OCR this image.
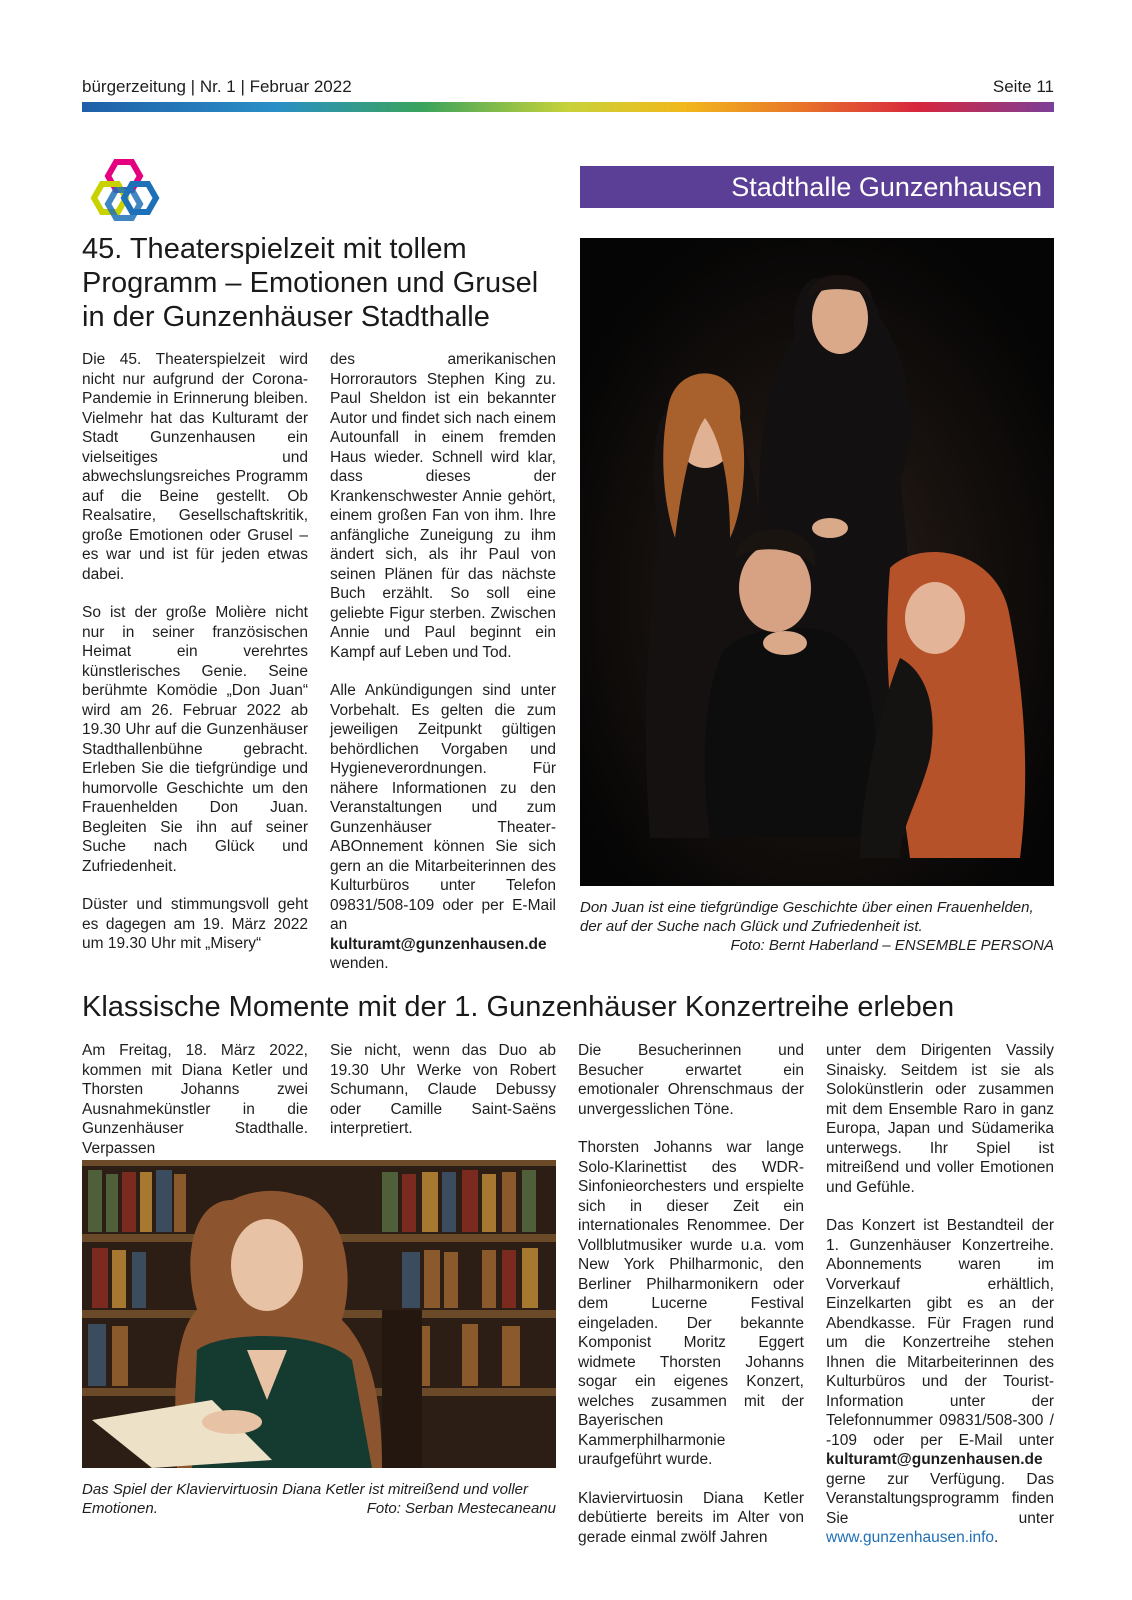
bürgerzeitung | Nr. 1 | Februar 2022	Seite 11
Stadthalle Gunzenhausen
45. Theaterspielzeit mit tollem Programm – Emotionen und Grusel in der Gunzenhäuser Stadthalle

Die 45. Theaterspielzeit wird nicht nur aufgrund der Corona-Pandemie in Erinnerung bleiben. Vielmehr hat das Kulturamt der Stadt Gunzenhausen ein vielseitiges und abwechslungsreiches Programm auf die Beine gestellt. Ob Realsatire, Gesellschaftskritik, große Emotionen oder Grusel – es war und ist für jeden etwas dabei.

So ist der große Molière nicht nur in seiner französischen Heimat ein verehrtes künstlerisches Genie. Seine berühmte Komödie „Don Juan“ wird am 26. Februar 2022 ab 19.30 Uhr auf die Gunzenhäuser Stadthallenbühne gebracht. Erleben Sie die tiefgründige und humorvolle Geschichte um den Frauenhelden Don Juan. Begleiten Sie ihn auf seiner Suche nach Glück und Zufriedenheit.

Düster und stimmungsvoll geht es dagegen am 19. März 2022 um 19.30 Uhr mit „Misery“

des amerikanischen Horrorautors Stephen King zu. Paul Sheldon ist ein bekannter Autor und findet sich nach einem Autounfall in einem fremden Haus wieder. Schnell wird klar, dass dieses der Krankenschwester Annie gehört, einem großen Fan von ihm. Ihre anfängliche Zuneigung zu ihm ändert sich, als ihr Paul von seinen Plänen für das nächste Buch erzählt. So soll eine geliebte Figur sterben. Zwischen Annie und Paul beginnt ein Kampf auf Leben und Tod.

Alle Ankündigungen sind unter Vorbehalt. Es gelten die zum jeweiligen Zeitpunkt gültigen behördlichen Vorgaben und Hygieneverordnungen. Für nähere Informationen zu den Veranstaltungen und zum Gunzenhäuser Theater-ABOnnement können Sie sich gern an die Mitarbeiterinnen des Kulturbüros unter Telefon 09831/508-109 oder per E-Mail an kulturamt@gunzenhausen.de wenden.

Don Juan ist eine tiefgründige Geschichte über einen Frauenhelden, der auf der Suche nach Glück und Zufriedenheit ist.
Foto: Bernt Haberland – ENSEMBLE PERSONA
Klassische Momente mit der 1. Gunzenhäuser Konzertreihe erleben

Am Freitag, 18. März 2022, kommen mit Diana Ketler und Thorsten Johanns zwei Ausnahmekünstler in die Gunzenhäuser Stadthalle. Verpassen

Sie nicht, wenn das Duo ab 19.30 Uhr Werke von Robert Schumann, Claude Debussy oder Camille Saint-Saëns interpretiert.

Das Spiel der Klaviervirtuosin Diana Ketler ist mitreißend und voller Emotionen.	Foto: Serban Mestecaneanu

Die Besucherinnen und Besucher erwartet ein emotionaler Ohrenschmaus der unvergesslichen Töne.

Thorsten Johanns war lange Solo-Klarinettist des WDR-Sinfonieorchesters und erspielte sich in dieser Zeit ein internationales Renommee. Der Vollblutmusiker wurde u.a. vom New York Philharmonic, den Berliner Philharmonikern oder dem Lucerne Festival eingeladen. Der bekannte Komponist Moritz Eggert widmete Thorsten Johanns sogar ein eigenes Konzert, welches zusammen mit der Bayerischen Kammerphilharmonie uraufgeführt wurde.

Klaviervirtuosin Diana Ketler debütierte bereits im Alter von gerade einmal zwölf Jahren

unter dem Dirigenten Vassily Sinaisky. Seitdem ist sie als Solokünstlerin oder zusammen mit dem Ensemble Raro in ganz Europa, Japan und Südamerika unterwegs. Ihr Spiel ist mitreißend und voller Emotionen und Gefühle.

Das Konzert ist Bestandteil der 1. Gunzenhäuser Konzertreihe. Abonnements waren im Vorverkauf erhältlich, Einzelkarten gibt es an der Abendkasse. Für Fragen rund um die Konzertreihe stehen Ihnen die Mitarbeiterinnen des Kulturbüros und der Tourist-Information unter der Telefonnummer 09831/508-300 / -109 oder per E-Mail unter kulturamt@gunzenhausen.de gerne zur Verfügung. Das Veranstaltungsprogramm finden Sie unter www.gunzenhausen.info.
